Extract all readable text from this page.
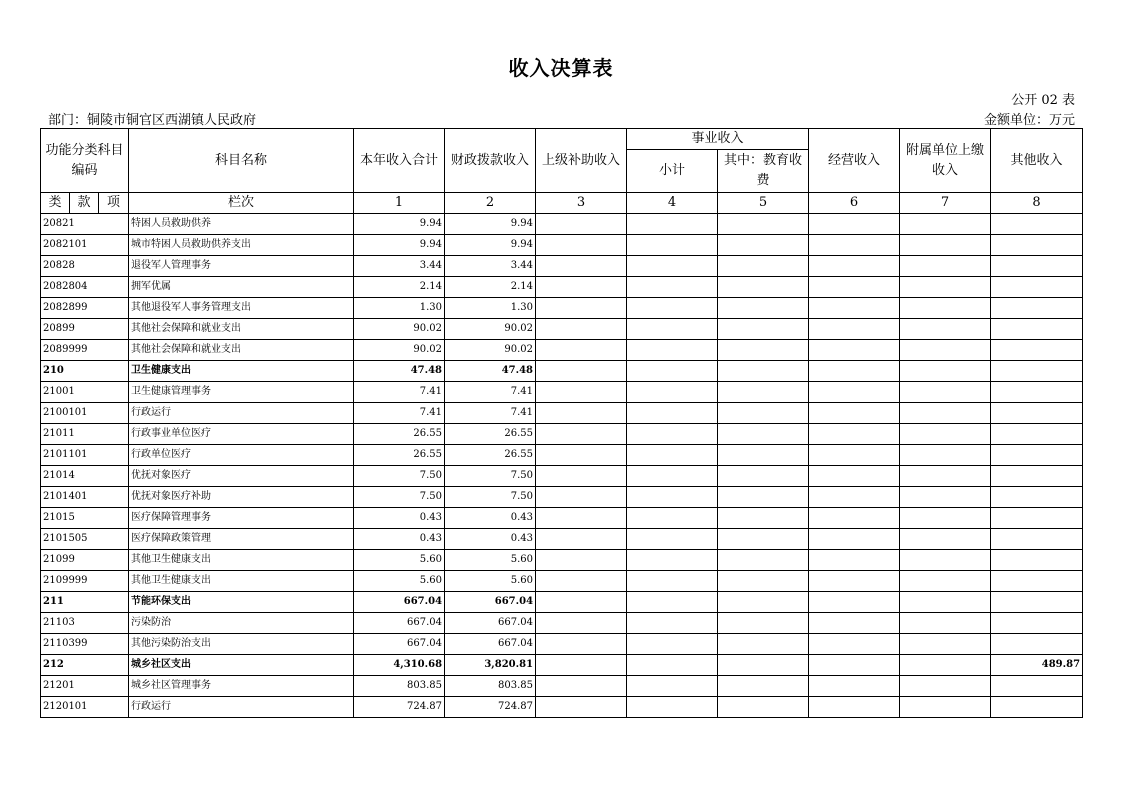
收入决算表
公开 02 表
部门：铜陵市铜官区西湖镇人民政府	金额单位：万元
功能分类科目编码			科目名称	本年收入合计	财政拨款收入	上级补助收入	事业收入		经营收入	附属单位上缴收入	其他收入
							小计	其中：教育收费			
类	款	项	栏次	1	2	3	4	5	6	7	8
20821			特困人员救助供养	9.94	9.94						
2082101			城市特困人员救助供养支出	9.94	9.94						
20828			退役军人管理事务	3.44	3.44						
2082804			拥军优属	2.14	2.14						
2082899			其他退役军人事务管理支出	1.30	1.30						
20899			其他社会保障和就业支出	90.02	90.02						
2089999			其他社会保障和就业支出	90.02	90.02						
210			卫生健康支出	47.48	47.48						
21001			卫生健康管理事务	7.41	7.41						
2100101			行政运行	7.41	7.41						
21011			行政事业单位医疗	26.55	26.55						
2101101			行政单位医疗	26.55	26.55						
21014			优抚对象医疗	7.50	7.50						
2101401			优抚对象医疗补助	7.50	7.50						
21015			医疗保障管理事务	0.43	0.43						
2101505			医疗保障政策管理	0.43	0.43						
21099			其他卫生健康支出	5.60	5.60						
2109999			其他卫生健康支出	5.60	5.60						
211			节能环保支出	667.04	667.04						
21103			污染防治	667.04	667.04						
2110399			其他污染防治支出	667.04	667.04						
212			城乡社区支出	4,310.68	3,820.81						489.87
21201			城乡社区管理事务	803.85	803.85						
2120101			行政运行	724.87	724.87						
